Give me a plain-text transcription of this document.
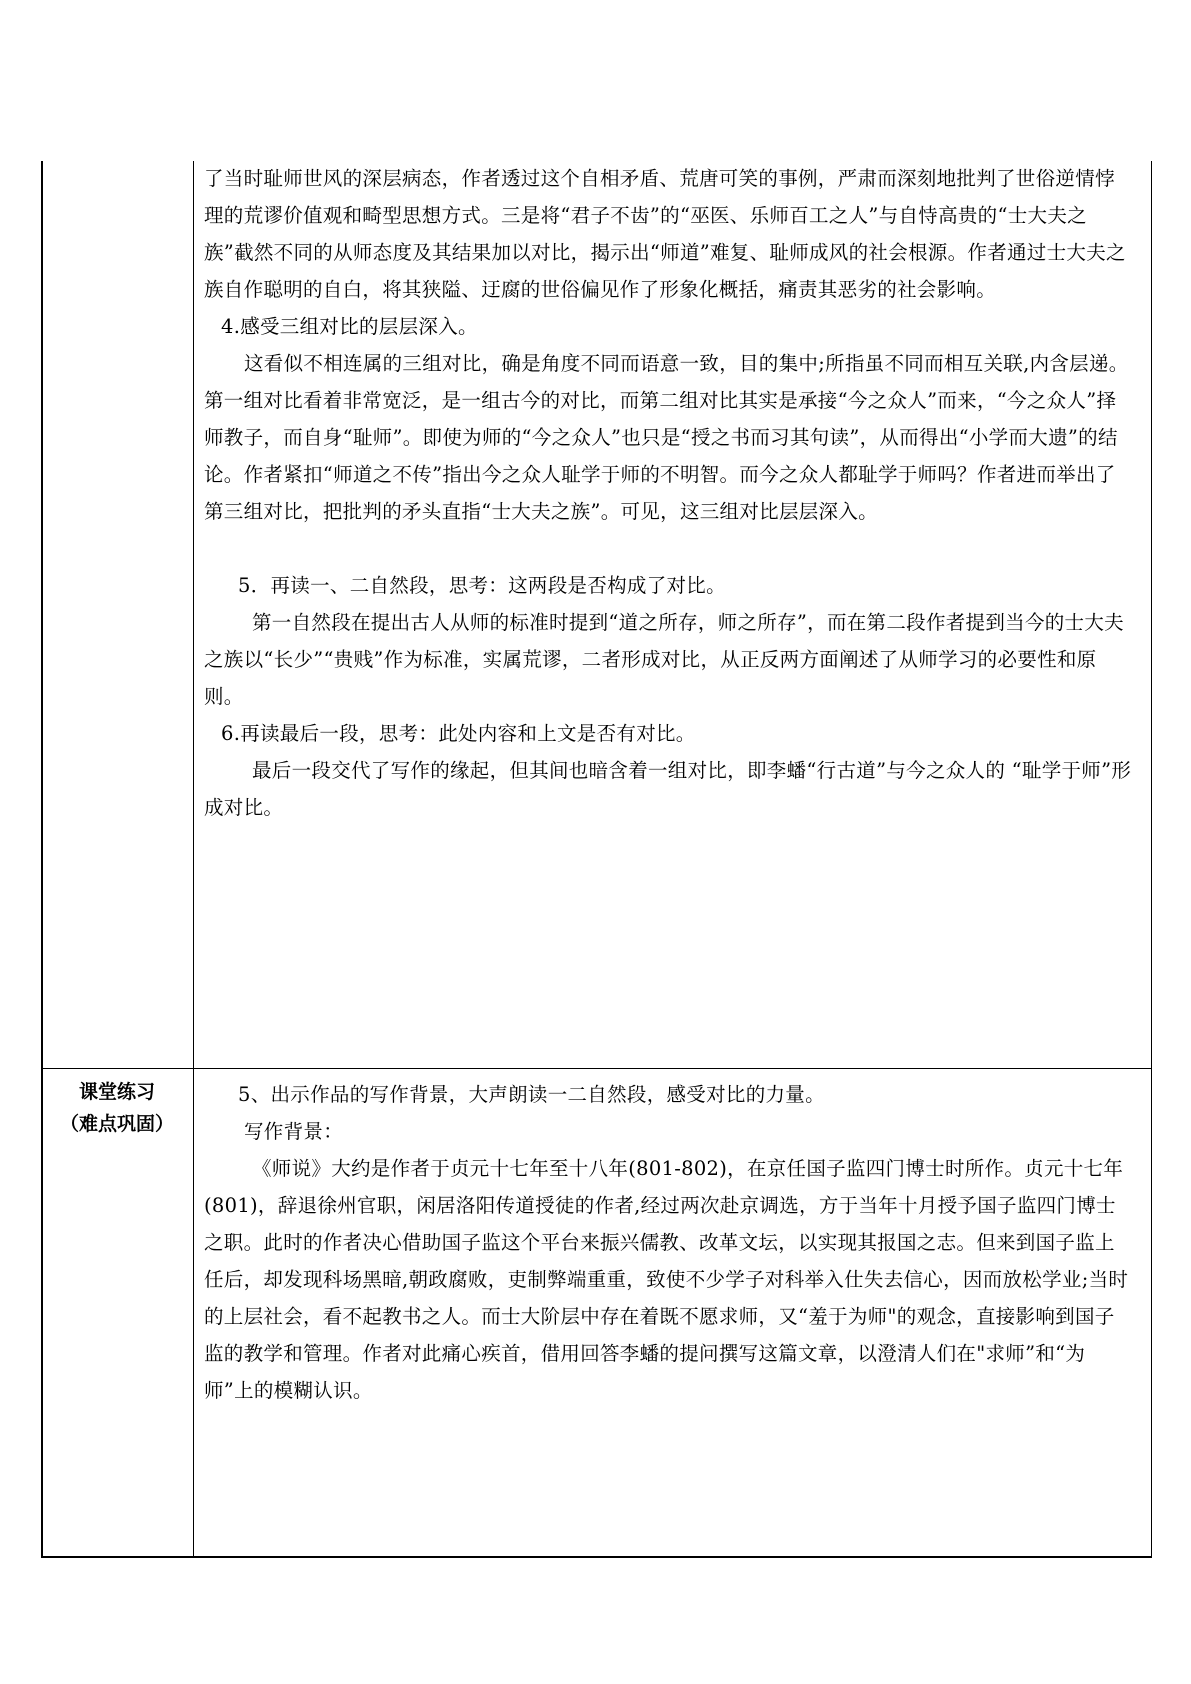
了当时耻师世风的深层病态，作者透过这个自相矛盾、荒唐可笑的事例，严肃而深刻地批判了世俗逆情悖理的荒谬价值观和畸型思想方式。三是将“君子不齿”的“巫医、乐师百工之人”与自恃高贵的“士大夫之族”截然不同的从师态度及其结果加以对比，揭示出“师道”难复、耻师成风的社会根源。作者通过士大夫之族自作聪明的自白，将其狭隘、迂腐的世俗偏见作了形象化概括，痛责其恶劣的社会影响。

4.感受三组对比的层层深入。

这看似不相连属的三组对比，确是角度不同而语意一致，目的集中;所指虽不同而相互关联,内含层递。第一组对比看着非常宽泛，是一组古今的对比，而第二组对比其实是承接“今之众人”而来，“今之众人”择师教子，而自身“耻师”。即使为师的“今之众人”也只是“授之书而习其句读”，从而得出“小学而大遗”的结论。作者紧扣“师道之不传”指出今之众人耻学于师的不明智。而今之众人都耻学于师吗？作者进而举出了第三组对比，把批判的矛头直指“士大夫之族”。可见，这三组对比层层深入。

5．再读一、二自然段，思考：这两段是否构成了对比。

第一自然段在提出古人从师的标准时提到“道之所存，师之所存”，而在第二段作者提到当今的士大夫之族以“长少”“贵贱”作为标准，实属荒谬，二者形成对比，从正反两方面阐述了从师学习的必要性和原则。

6.再读最后一段，思考：此处内容和上文是否有对比。

最后一段交代了写作的缘起，但其间也暗含着一组对比，即李蟠“行古道”与今之众人的 “耻学于师”形成对比。

课堂练习
（难点巩固）

5、出示作品的写作背景，大声朗读一二自然段，感受对比的力量。

写作背景：

《师说》大约是作者于贞元十七年至十八年(801-802)，在京任国子监四门博士时所作。贞元十七年(801)，辞退徐州官职，闲居洛阳传道授徒的作者,经过两次赴京调选，方于当年十月授予国子监四门博士之职。此时的作者决心借助国子监这个平台来振兴儒教、改革文坛，以实现其报国之志。但来到国子监上任后，却发现科场黑暗,朝政腐败，吏制弊端重重，致使不少学子对科举入仕失去信心，因而放松学业;当时的上层社会，看不起教书之人。而士大阶层中存在着既不愿求师，又“羞于为师"的观念，直接影响到国子监的教学和管理。作者对此痛心疾首，借用回答李蟠的提问撰写这篇文章，以澄清人们在"求师”和“为师”上的模糊认识。
